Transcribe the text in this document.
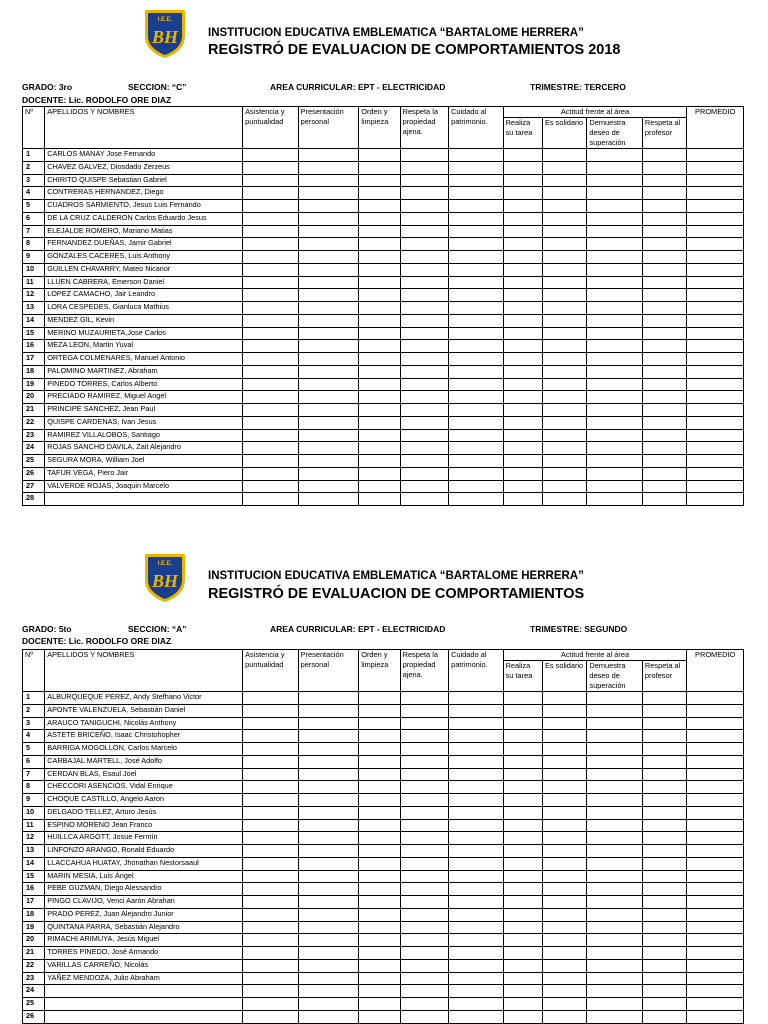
I.E.E.
BH	INSTITUCION EDUCATIVA EMBLEMATICA “BARTALOME HERRERA”
REGISTRÓ DE EVALUACION DE COMPORTAMIENTOS 2018
GRADO: 3ro	SECCION: “C”	AREA CURRICULAR: EPT - ELECTRICIDAD	TRIMESTRE: TERCERO
DOCENTE: Lic. RODOLFO ORE DIAZ
Nº	APELLIDOS Y NOMBRES	Asistencia y puntualidad	Presentación personal	Orden y limpieza	Respeta la propiedad ajena.	Cuidado al patrimonio.	Actitud frente al área				PROMEDIO
							Realiza su tarea	Es solidario	Demuestra deseo de superación	Respeta al profesor	
1	CARLOS MANAY Jose Fernando										
2	CHAVEZ GALVEZ, Diosdado Zerzeus										
3	CHIRITO QUISPE Sebastian Gabriel										
4	CONTRERAS HERNANDEZ, Diego										
5	CUADROS SARMIENTO, Jesus Luis Fernando										
6	DE LA CRUZ CALDERON Carlos Eduardo Jesus										
7	ELEJALDE ROMERO, Mariano Matias										
8	FERNANDEZ DUEÑAS, Jamir Gabriel										
9	GONZALES CACERES, Luis Anthony										
10	GUILLEN CHAVARRY, Mateo Nicanor										
11	LLUEN CABRERA, Emerson Daniel										
12	LOPEZ CAMACHO, Jair Leandro										
13	LORA CESPEDES, Gianluca Mathius										
14	MENDEZ GIL, Kevin										
15	MERINO MUZAURIETA,Jose Carlos										
16	MEZA LEON, Martin Yuval										
17	ORTEGA COLMENARES, Manuel Antonio										
18	PALOMINO MARTINEZ, Abraham										
19	PINEDO TORRES, Carlos Alberto										
20	PRECIADO RAMIREZ, Miguel Angel										
21	PRINCIPE SANCHEZ, Jean Paul										
22	QUISPE CARDENAS, Ivan Jesus										
23	RAMIREZ VILLALOBOS, Santiago										
24	ROJAS SANCHO DAVILA, Zait Alejandro										
25	SEGURA MORA, William Joel										
26	TAFUR VEGA, Piero Jair										
27	VALVERDE ROJAS, Joaquin Marcelo										
28											
I.E.E.
BH	INSTITUCION EDUCATIVA EMBLEMATICA “BARTALOME HERRERA”
REGISTRÓ DE EVALUACION DE COMPORTAMIENTOS
GRADO: 5to	SECCION: “A”	AREA CURRICULAR: EPT - ELECTRICIDAD	TRIMESTRE: SEGUNDO
DOCENTE: Lic. RODOLFO ORE DIAZ
Nº	APELLIDOS Y NOMBRES	Asistencia y puntualidad	Presentación personal	Orden y limpieza	Respeta la propiedad ajena.	Cuidado al patrimonio.	Actitud frente al área				PROMEDIO
							Realiza su tarea	Es solidario	Demuestra deseo de superación	Respeta al profesor	
1	ALBURQUEQUE PEREZ, Andy Stefhano Victor										
2	APONTE VALENZUELA, Sebastián Daniel										
3	ARAUCO TANIGUCHI, Nicolás Anthony										
4	ASTETE BRICEÑO, Isaac Christohopher										
5	BARRIGA MOGOLLON, Carlos Marcelo										
6	CARBAJAL MARTELL, José Adolfo										
7	CERDAN BLAS, Esaul Joel										
8	CHECCORI ASENCIOS, Vidal Enrique										
9	CHOQUE CASTILLO, Angelo Aaron										
10	DELGADO TELLEZ, Arturo Jesús										
11	ESPINO MORENO Jean Franco										
12	HUILLCA ARGOTT, Josue Fermín										
13	LINFONZO ARANGO, Ronald Eduardo										
14	LLACCAHUA HUATAY, Jhonathan Nestorsaaul										
15	MARIN MESIA, Luis Ángel										
16	PEBE GUZMAN, Diego Alessandro										
17	PINGO CLAVIJO, Venci Aarón Abrahan										
18	PRADO PEREZ, Juan Alejandro Junior										
19	QUINTANA PARRA, Sebastián Alejandro										
20	RIMACHI ARIMUYA, Jesús Miguel										
21	TORRES PINEDO, José Armando										
22	VARILLAS CARREÑO, Nicolás										
23	YAÑEZ MENDOZA, Julio Abraham										
24											
25											
26											
